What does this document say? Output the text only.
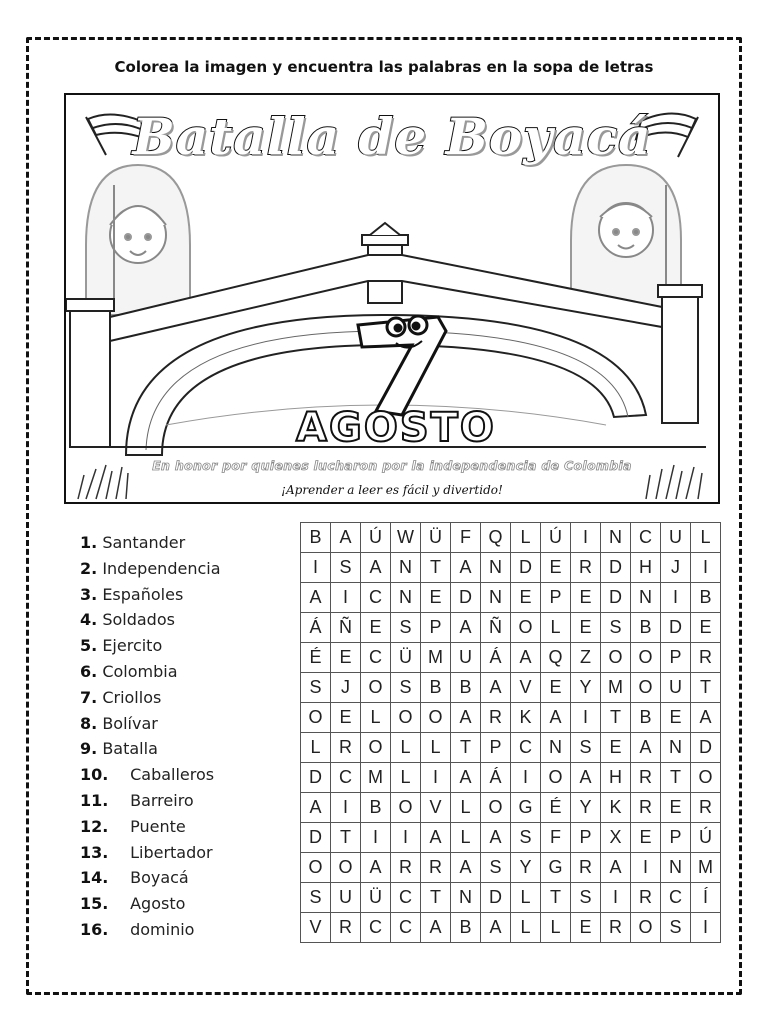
Colorea la imagen y encuentra las palabras en la sopa de letras
Batalla de Boyacá
AGOSTO
En honor por quienes lucharon por la independencia de Colombia
¡Aprender a leer es fácil y divertido!
1. Santander
2. Independencia
3. Españoles
4. Soldados
5. Ejercito
6. Colombia
7. Criollos
8. Bolívar
9. Batalla
10. Caballeros
11. Barreiro
12. Puente
13. Libertador
14. Boyacá
15. Agosto
16. dominio
B	A	Ú	W	Ü	F	Q	L	Ú	I	N	C	U	L
I	S	A	N	T	A	N	D	E	R	D	H	J	I
A	I	C	N	E	D	N	E	P	E	D	N	I	B
Á	Ñ	E	S	P	A	Ñ	O	L	E	S	B	D	E
É	E	C	Ü	M	U	Á	A	Q	Z	O	O	P	R
S	J	O	S	B	B	A	V	E	Y	M	O	U	T
O	E	L	O	O	A	R	K	A	I	T	B	E	A
L	R	O	L	L	T	P	C	N	S	E	A	N	D
D	C	M	L	I	A	Á	I	O	A	H	R	T	O
A	I	B	O	V	L	O	G	É	Y	K	R	E	R
D	T	I	I	A	L	A	S	F	P	X	E	P	Ú
O	O	A	R	R	A	S	Y	G	R	A	I	N	M
S	U	Ü	C	T	N	D	L	T	S	I	R	C	Í
V	R	C	C	A	B	A	L	L	E	R	O	S	I
